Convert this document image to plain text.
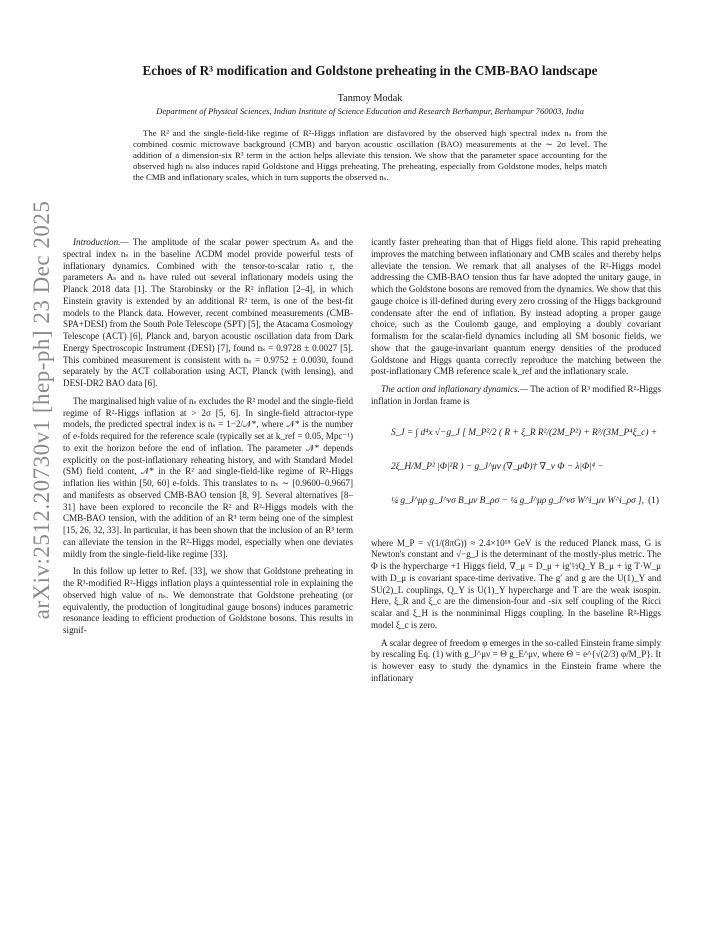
arXiv:2512.20730v1 [hep-ph] 23 Dec 2025
Echoes of R³ modification and Goldstone preheating in the CMB-BAO landscape
Tanmoy Modak
Department of Physical Sciences, Indian Institute of Science Education and Research Berhampur, Berhampur 760003, India
The R² and the single-field-like regime of R²-Higgs inflation are disfavored by the observed high spectral index nₛ from the combined cosmic microwave background (CMB) and baryon acoustic oscillation (BAO) measurements at the ∼ 2σ level. The addition of a dimension-six R³ term in the action helps alleviate this tension. We show that the parameter space accounting for the observed high nₛ also induces rapid Goldstone and Higgs preheating. The preheating, especially from Goldstone modes, helps match the CMB and inflationary scales, which in turn supports the observed nₛ.

Introduction.— The amplitude of the scalar power spectrum Aₛ and the spectral index nₛ in the baseline ΛCDM model provide powerful tests of inflationary dynamics. Combined with the tensor-to-scalar ratio r, the parameters Aₛ and nₛ have ruled out several inflationary models using the Planck 2018 data [1]. The Starobinsky or the R² inflation [2–4], in which Einstein gravity is extended by an additional R² term, is one of the best-fit models to the Planck data. However, recent combined measurements (CMB-SPA+DESI) from the South Pole Telescope (SPT) [5], the Atacama Cosmology Telescope (ACT) [6], Planck and, baryon acoustic oscillation data from Dark Energy Spectroscopic Instrument (DESI) [7], found nₛ = 0.9728 ± 0.0027 [5]. This combined measurement is consistent with nₛ = 0.9752 ± 0.0030, found separately by the ACT collaboration using ACT, Planck (with lensing), and DESI-DR2 BAO data [6].

The marginalised high value of nₛ excludes the R² model and the single-field regime of R²-Higgs inflation at > 2σ [5, 6]. In single-field attractor-type models, the predicted spectral index is nₛ = 1−2/𝒩*, where 𝒩* is the number of e-folds required for the reference scale (typically set at k_ref = 0.05, Mpc⁻¹) to exit the horizon before the end of inflation. The parameter 𝒩* depends explicitly on the post-inflationary reheating history, and with Standard Model (SM) field content, 𝒩* in the R² and single-field-like regime of R²-Higgs inflation lies within [50, 60] e-folds. This translates to nₛ ∼ [0.9600–0.9667] and manifests as observed CMB-BAO tension [8, 9]. Several alternatives [8–31] have been explored to reconcile the R² and R²-Higgs models with the CMB-BAO tension, with the addition of an R³ term being one of the simplest [15, 26, 32, 33]. In particular, it has been shown that the inclusion of an R³ term can alleviate the tension in the R²-Higgs model, especially when one deviates mildly from the single-field-like regime [33].

In this follow up letter to Ref. [33], we show that Goldstone preheating in the R³-modified R²-Higgs inflation plays a quintessential role in explaining the observed high value of nₛ. We demonstrate that Goldstone preheating (or equivalently, the production of longitudinal gauge bosons) induces parametric resonance leading to efficient production of Goldstone bosons. This results in signif-

icantly faster preheating than that of Higgs field alone. This rapid preheating improves the matching between inflationary and CMB scales and thereby helps alleviate the tension. We remark that all analyses of the R²-Higgs model addressing the CMB-BAO tension thus far have adopted the unitary gauge, in which the Goldstone bosons are removed from the dynamics. We show that this gauge choice is ill-defined during every zero crossing of the Higgs background condensate after the end of inflation. By instead adopting a proper gauge choice, such as the Coulomb gauge, and employing a doubly covariant formalism for the scalar-field dynamics including all SM bosonic fields, we show that the gauge-invariant quantum energy densities of the produced Goldstone and Higgs quanta correctly reproduce the matching between the post-inflationary CMB reference scale k_ref and the inflationary scale.

The action and inflationary dynamics.— The action of R³ modified R²-Higgs inflation in Jordan frame is

S_J = ∫ d⁴x √−g_J [ M_P²/2 ( R + ξ_R R²/(2M_P²) + R³/(3M_P⁴ξ_c) +
2ξ_H/M_P² |Φ|²R ) − g_J^μν (∇_μΦ)† ∇_ν Φ − λ|Φ|⁴ −
¼ g_J^μρ g_J^νσ B_μν B_ρσ − ¼ g_J^μρ g_J^νσ W^i_μν W^i_ρσ ], (1)

where M_P = √(1/(8πG)) ≈ 2.4×10¹⁸ GeV is the reduced Planck mass, G is Newton's constant and √−g_J is the determinant of the mostly-plus metric. The Φ is the hypercharge +1 Higgs field, ∇_μ = D_μ + ig′½Q_Y B_μ + ig T·W_μ with D_μ is covariant space-time derivative. The g′ and g are the U(1)_Y and SU(2)_L couplings, Q_Y is U(1)_Y hypercharge and T are the weak isospin. Here, ξ_R and ξ_c are the dimension-four and -six self coupling of the Ricci scalar and ξ_H is the nonminimal Higgs coupling. In the baseline R²-Higgs model ξ_c is zero.

A scalar degree of freedom φ emerges in the so-called Einstein frame simply by rescaling Eq. (1) with g_J^μν = Θ g_E^μν, where Θ = e^{√(2/3) φ/M_P}. It is however easy to study the dynamics in the Einstein frame where the inflationary
